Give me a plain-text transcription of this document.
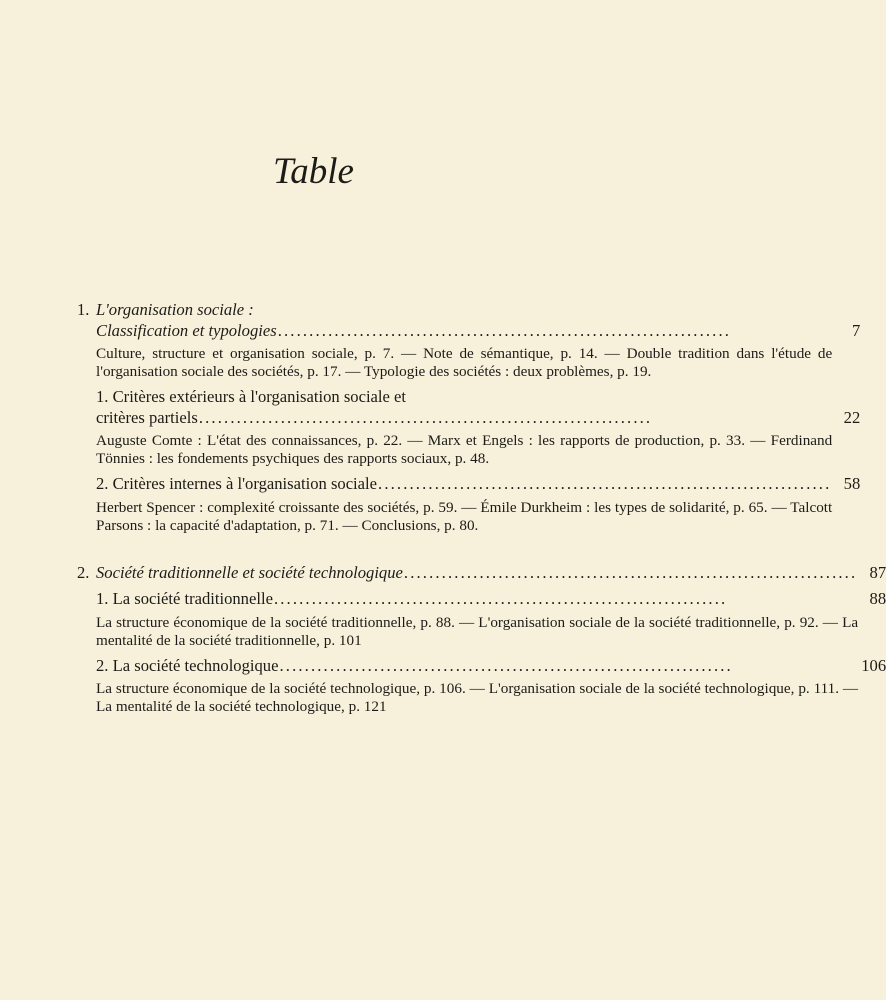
Table
1. L'organisation sociale :
Classification et typologies . . .	7
Culture, structure et organisation sociale, p. 7. — Note de sémantique, p. 14. — Double tradition dans l'étude de l'organisation sociale des sociétés, p. 17. — Typologie des sociétés : deux problèmes, p. 19.
1. Critères extérieurs à l'organisation sociale et
critères partiels . . .	22
Auguste Comte : L'état des connaissances, p. 22. — Marx et Engels : les rapports de production, p. 33. — Ferdinand Tönnies : les fondements psychiques des rapports sociaux, p. 48.
2. Critères internes à l'organisation sociale . . .	58
Herbert Spencer : complexité croissante des sociétés, p. 59. — Émile Durkheim : les types de solidarité, p. 65. — Talcott Parsons : la capacité d'adaptation, p. 71. — Conclusions, p. 80.
2. Société traditionnelle et société technologique . . .	87
1. La société traditionnelle . . .	88
La structure économique de la société traditionnelle, p. 88. — L'organisation sociale de la société traditionnelle, p. 92. — La mentalité de la société traditionnelle, p. 101
2. La société technologique . . .	106
La structure économique de la société technologique, p. 106. — L'organisation sociale de la société technologique, p. 111. — La mentalité de la société technologique, p. 121
